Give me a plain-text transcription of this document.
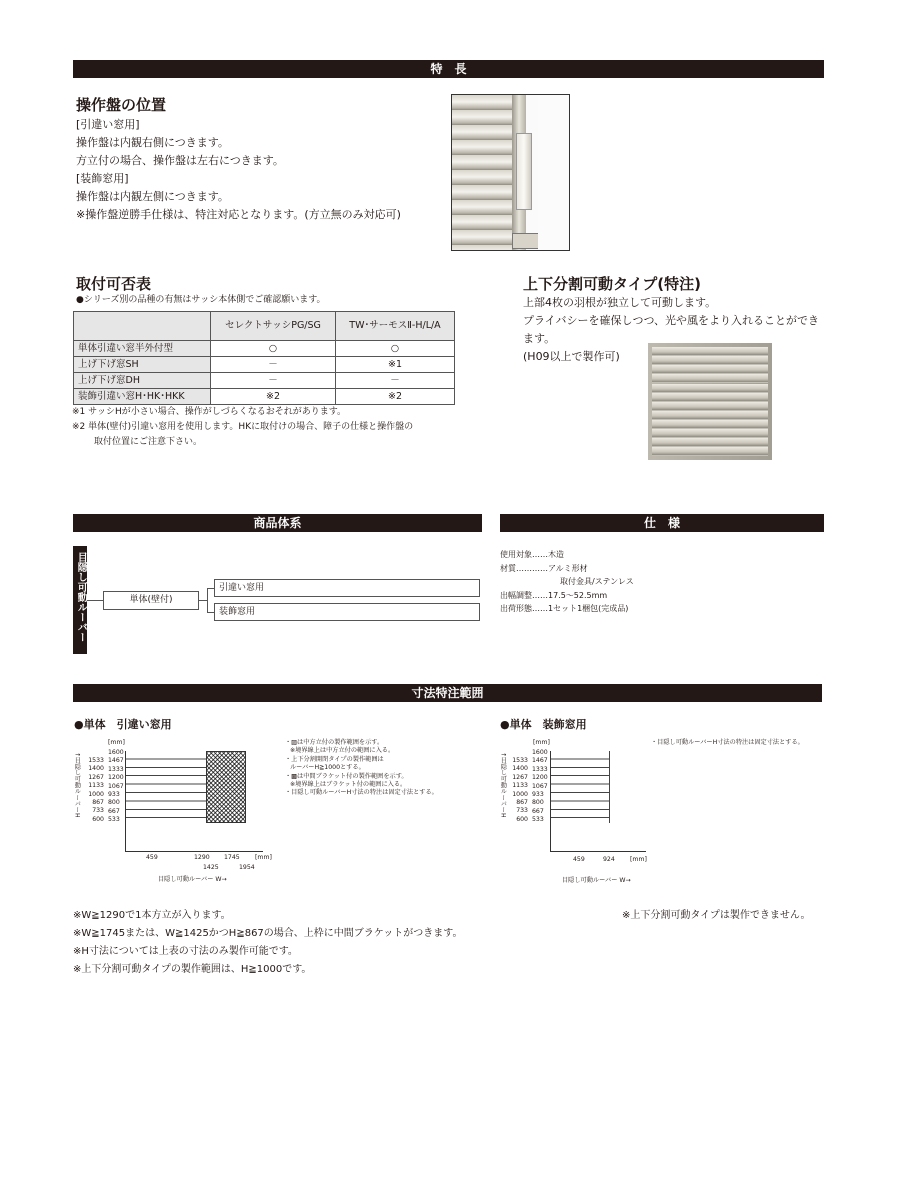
特　長
操作盤の位置
[引違い窓用]
操作盤は内観右側につきます。
方立付の場合、操作盤は左右につきます。
[装飾窓用]
操作盤は内観左側につきます。
※操作盤逆勝手仕様は、特注対応となります。(方立無のみ対応可)
取付可否表
●シリーズ別の品種の有無はサッシ本体側でご確認願います。
	セレクトサッシPG/SG	TW･サーモスⅡ-H/L/A
単体引違い窓半外付型	○	○
上げ下げ窓SH	－	※1
上げ下げ窓DH	－	－
装飾引違い窓H･HK･HKK	※2	※2
※1 サッシHが小さい場合、操作がしづらくなるおそれがあります。
※2 単体(壁付)引違い窓用を使用します。HKに取付けの場合、障子の仕様と操作盤の
取付位置にご注意下さい。
上下分割可動タイプ(特注)
上部4枚の羽根が独立して可動します。
プライバシーを確保しつつ、光や風をより入れることができ
ます。
(H09以上で製作可)
商品体系
目隠し可動ルーバー	単体(壁付)
引違い窓用
装飾窓用
仕　様
使用対象……木造
材質…………アルミ形材
取付金具/ステンレス
出幅調整……17.5～52.5mm
出荷形態……1セット1梱包(完成品)
寸法特注範囲
●単体　引違い窓用
[mm]
↑目隠し可動ルーバーH	1533
1400
1267
1133
1000
867
733
600
1600
1467
1333
1200
1067
933
800
667
533
459	1290 1745 [mm]
1425	1954
目隠し可動ルーバー W→
・▨は中方立付の製作範囲を示す。
※境界線上は中方立付の範囲に入る。
・上下分割開閉タイプの製作範囲は
ルーバーH≧1000とする。
・▩は中間ブラケット付の製作範囲を示す。
※境界線上はブラケット付の範囲に入る。
・目隠し可動ルーバーH寸法の特注は固定寸法とする。
●単体　装飾窓用
[mm]
↑目隠し可動ルーバーH 1533
1400
1267
1133
1000
867
733
600
1600
1467
1333
1200
1067
933
800
667
533
459	924 [mm]
目隠し可動ルーバー W→
・目隠し可動ルーバーH寸法の特注は固定寸法とする。
※W≧1290で1本方立が入ります。
※W≧1745または、W≧1425かつH≧867の場合、上枠に中間ブラケットがつきます。
※H寸法については上表の寸法のみ製作可能です。
※上下分割可動タイプの製作範囲は、H≧1000です。
※上下分割可動タイプは製作できません。
